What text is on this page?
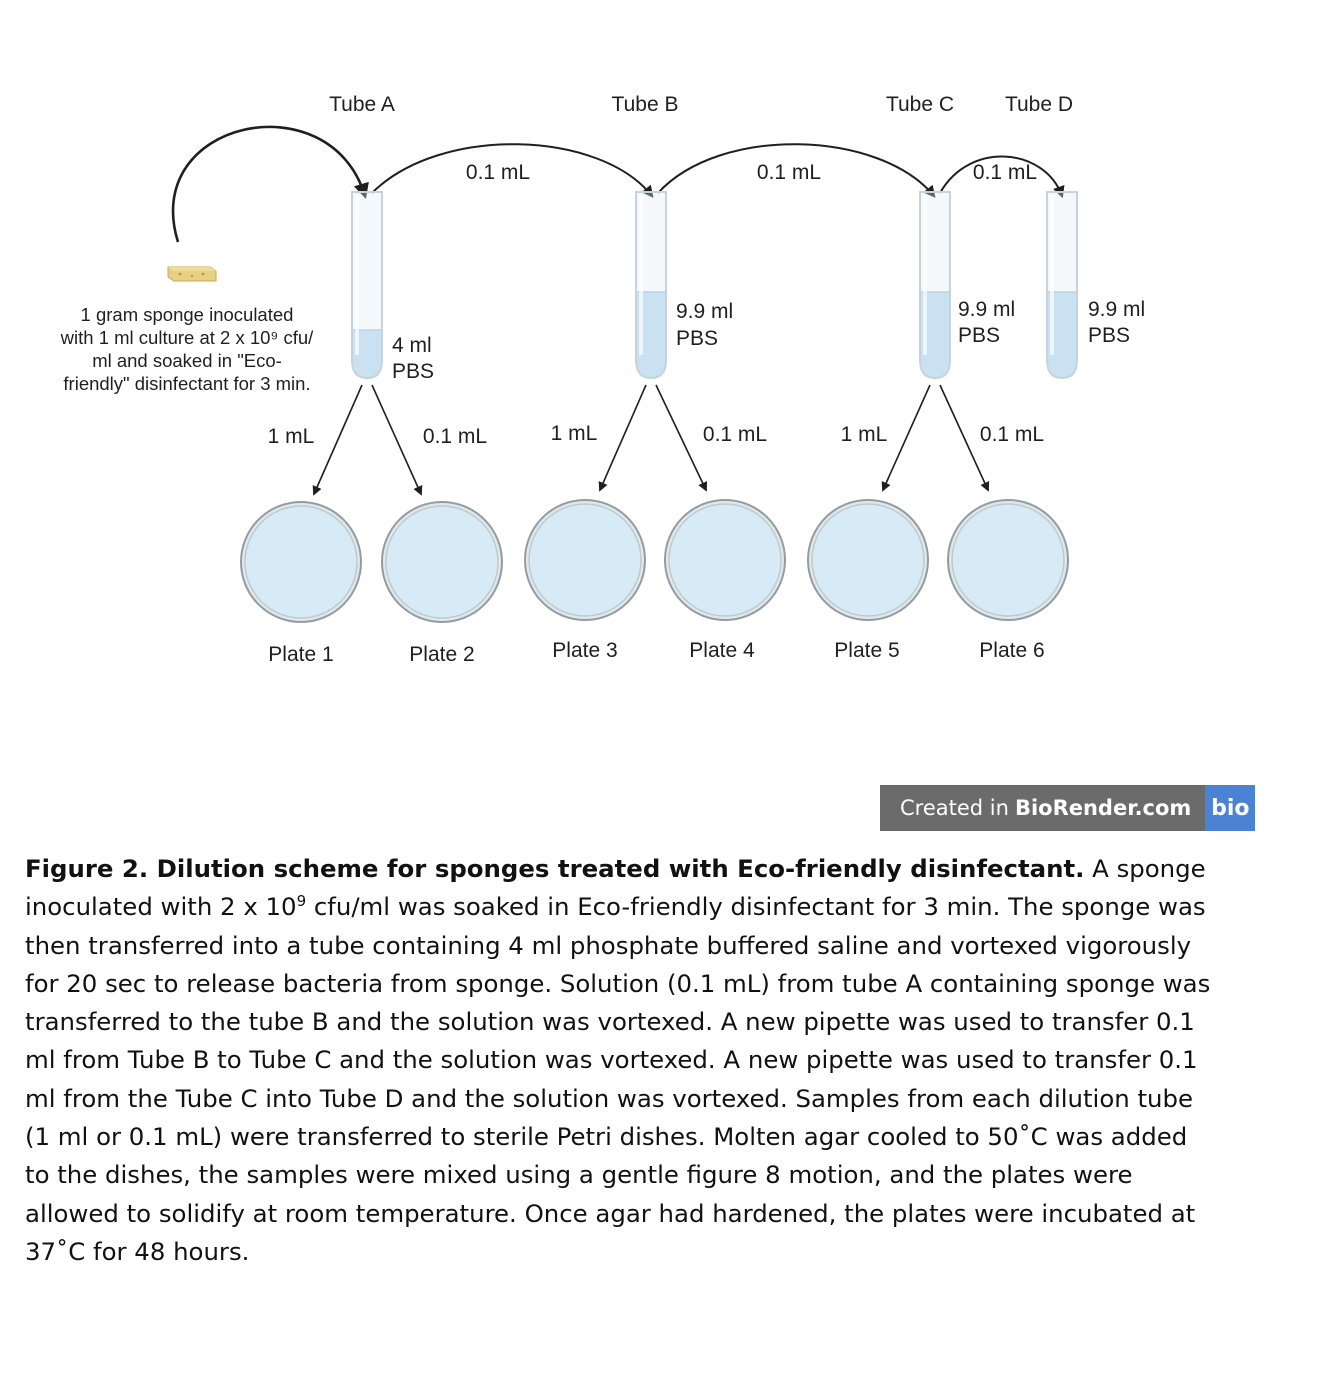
0.1 mL	0.1 mL	0.1 mL
Tube A	Tube B	Tube C Tube D
4 ml
PBS
9.9 ml
PBS
9.9 ml
PBS
9.9 ml
PBS
1 gram sponge inoculated
with 1 ml culture at 2 x 10⁹ cfu/
ml and soaked in "Eco-
friendly" disinfectant for 3 min.
1 mL	0.1 mL	1 mL	0.1 mL	1 mL	0.1 mL
Plate 1	Plate 2	Plate 3	Plate 4	Plate 5	Plate 6
Created in BioRender.com bio

Figure 2. Dilution scheme for sponges treated with Eco-friendly disinfectant. A sponge inoculated with 2 x $10^9$ cfu/ml was soaked in Eco-friendly disinfectant for 3 min. The sponge was then transferred into a tube containing 4 ml phosphate buffered saline and vortexed vigorously for 20 sec to release bacteria from sponge. Solution (0.1 mL) from tube A containing sponge was transferred to the tube B and the solution was vortexed. A new pipette was used to transfer 0.1 ml from Tube B to Tube C and the solution was vortexed. A new pipette was used to transfer 0.1 ml from the Tube C into Tube D and the solution was vortexed. Samples from each dilution tube (1 ml or 0.1 mL) were transferred to sterile Petri dishes. Molten agar cooled to 50˚C was added to the dishes, the samples were mixed using a gentle figure 8 motion, and the plates were allowed to solidify at room temperature. Once agar had hardened, the plates were incubated at 37˚C for 48 hours.
